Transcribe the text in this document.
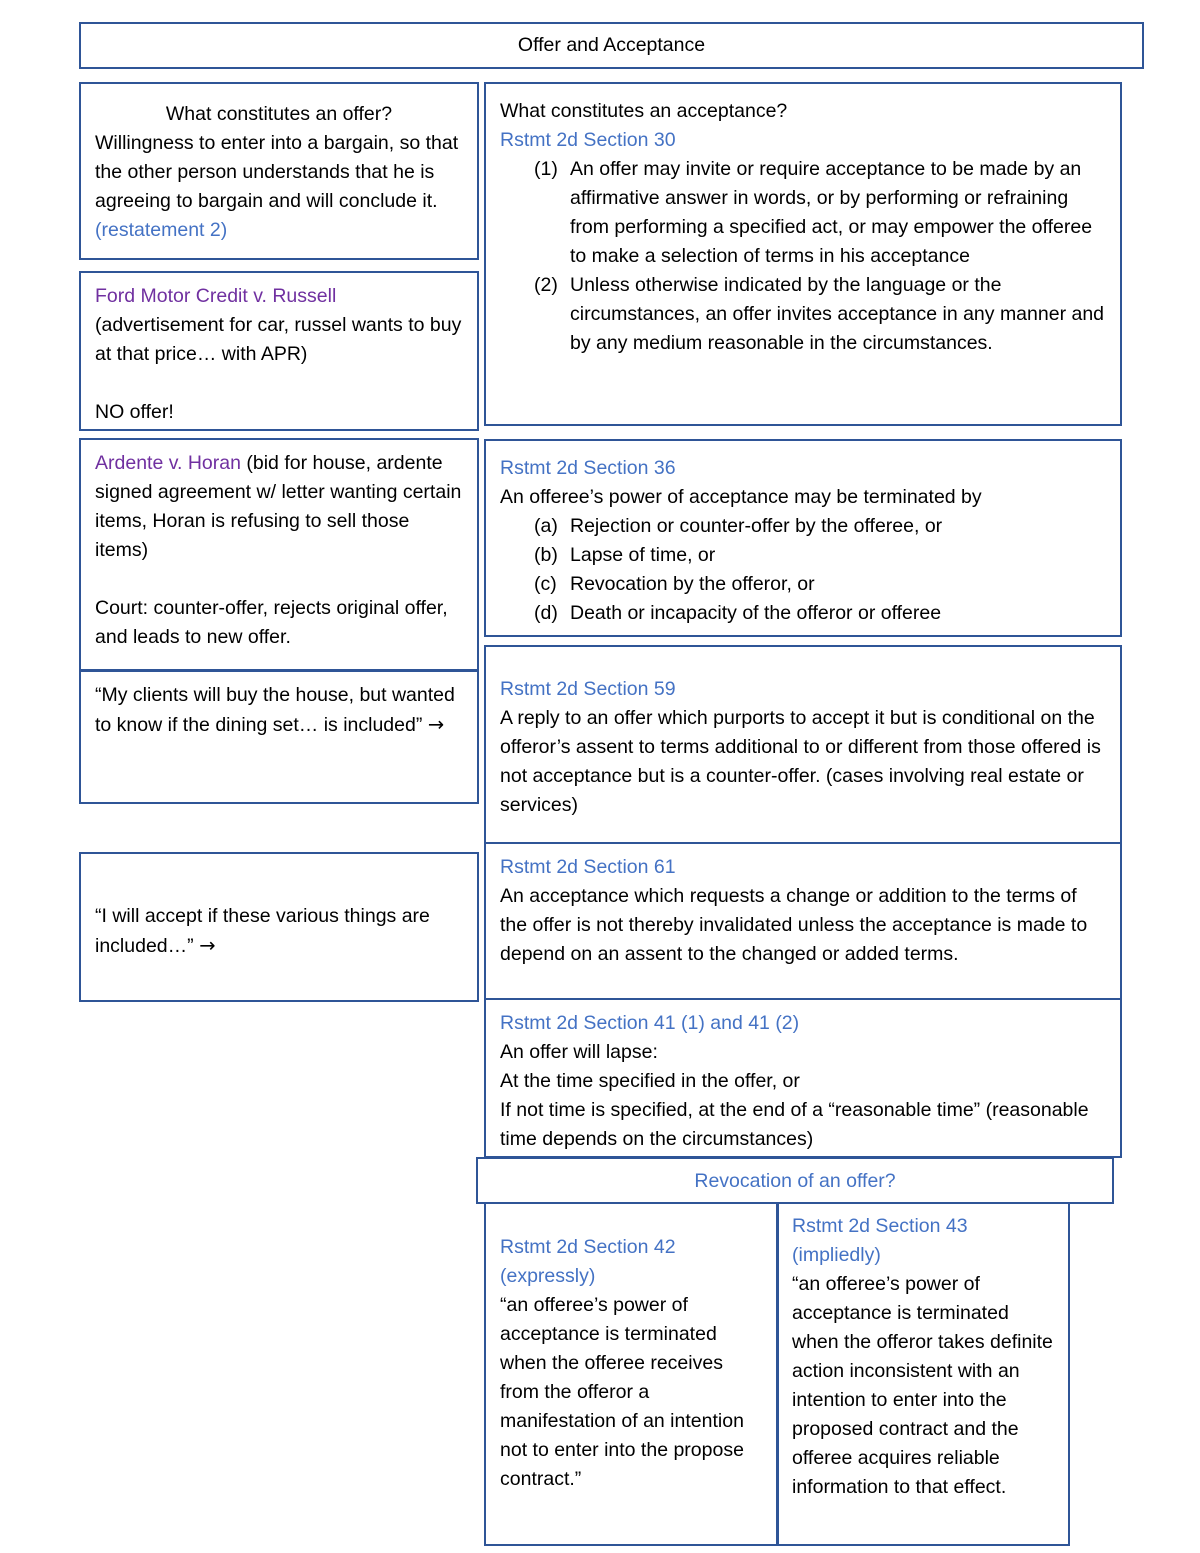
Offer and Acceptance
What constitutes an offer?
Willingness to enter into a bargain, so that the other person understands that he is agreeing to bargain and will conclude it. (restatement 2)
Ford Motor Credit v. Russell
(advertisement for car, russel wants to buy at that price… with APR)
NO offer!
Ardente v. Horan (bid for house, ardente signed agreement w/ letter wanting certain items, Horan is refusing to sell those items)
Court: counter-offer, rejects original offer, and leads to new offer.
“My clients will buy the house, but wanted to know if the dining set… is included” →
“I will accept if these various things are included…” →
What constitutes an acceptance?
Rstmt 2d Section 30
(1) An offer may invite or require acceptance to be made by an affirmative answer in words, or by performing or refraining from performing a specified act, or may empower the offeree to make a selection of terms in his acceptance
(2) Unless otherwise indicated by the language or the circumstances, an offer invites acceptance in any manner and by any medium reasonable in the circumstances.
Rstmt 2d Section 36
An offeree’s power of acceptance may be terminated by
(a) Rejection or counter-offer by the offeree, or
(b) Lapse of time, or
(c) Revocation by the offeror, or
(d) Death or incapacity of the offeror or offeree
Rstmt 2d Section 59
A reply to an offer which purports to accept it but is conditional on the offeror’s assent to terms additional to or different from those offered is not acceptance but is a counter-offer. (cases involving real estate or services)
Rstmt 2d Section 61
An acceptance which requests a change or addition to the terms of the offer is not thereby invalidated unless the acceptance is made to depend on an assent to the changed or added terms.
Rstmt 2d Section 41 (1) and 41 (2)
An offer will lapse:
At the time specified in the offer, or
If not time is specified, at the end of a “reasonable time” (reasonable time depends on the circumstances)
Revocation of an offer?
Rstmt 2d Section 42
(expressly)
“an offeree’s power of acceptance is terminated when the offeree receives from the offeror a manifestation of an intention not to enter into the propose contract.”
Rstmt 2d Section 43
(impliedly)
“an offeree’s power of acceptance is terminated when the offeror takes definite action inconsistent with an intention to enter into the proposed contract and the offeree acquires reliable information to that effect.
